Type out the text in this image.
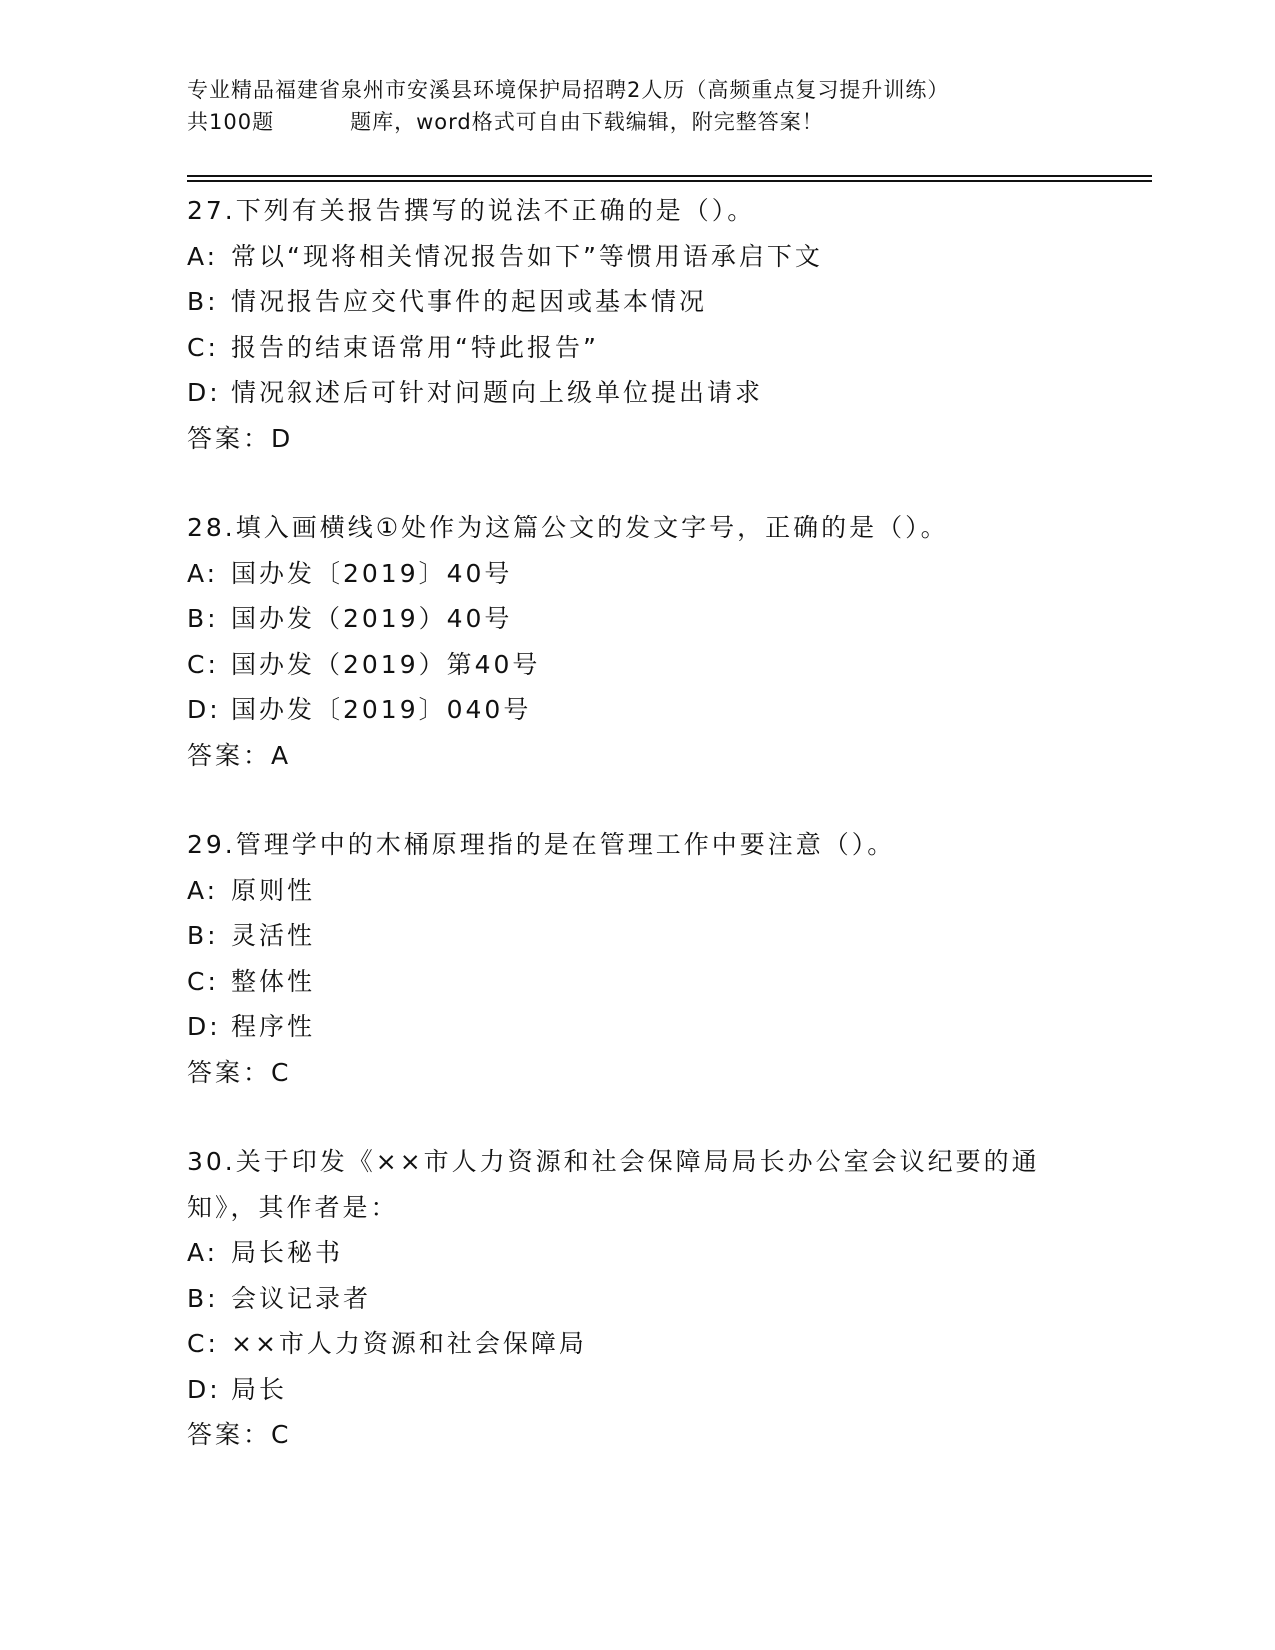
专业精品福建省泉州市安溪县环境保护局招聘2人历（高频重点复习提升训练）
共100题	题库，word格式可自由下载编辑，附完整答案！
27.下列有关报告撰写的说法不正确的是（）。
A: 常以“现将相关情况报告如下”等惯用语承启下文
B: 情况报告应交代事件的起因或基本情况
C: 报告的结束语常用“特此报告”
D: 情况叙述后可针对问题向上级单位提出请求
答案：D
28.填入画横线①处作为这篇公文的发文字号，正确的是（）。
A: 国办发〔2019〕40号
B: 国办发（2019）40号
C: 国办发（2019）第40号
D: 国办发〔2019〕040号
答案：A
29.管理学中的木桶原理指的是在管理工作中要注意（）。
A: 原则性
B: 灵活性
C: 整体性
D: 程序性
答案：C
30.关于印发《××市人力资源和社会保障局局长办公室会议纪要的通知》，其作者是：
A: 局长秘书
B: 会议记录者
C: ××市人力资源和社会保障局
D: 局长
答案：C
